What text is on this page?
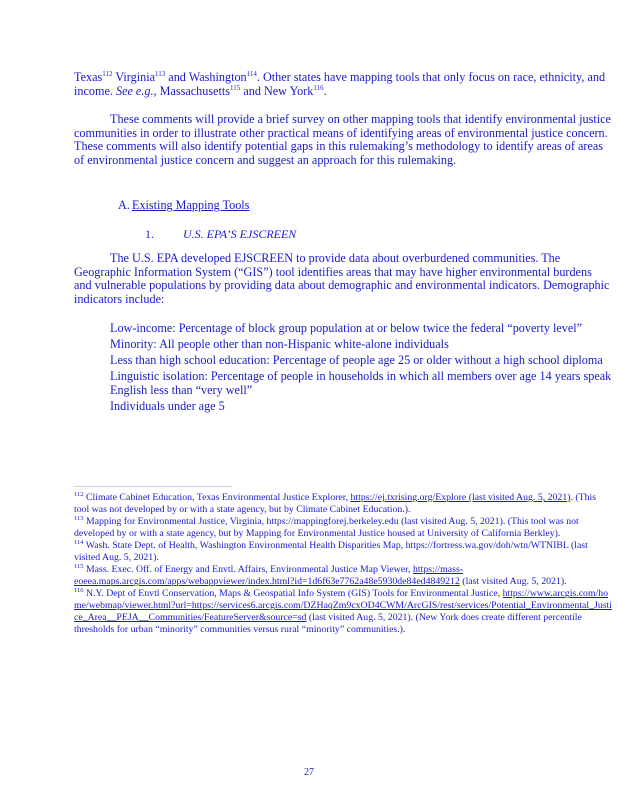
Texas$^{112}$ Virginia$^{113}$ and Washington$^{114}$. Other states have mapping tools that only focus on race, ethnicity, and income. See e.g., Massachusetts$^{115}$ and New York$^{116}$.

These comments will provide a brief survey on other mapping tools that identify environmental justice communities in order to illustrate other practical means of identifying areas of environmental justice concern. These comments will also identify potential gaps in this rulemaking’s methodology to identify areas of areas of environmental justice concern and suggest an approach for this rulemaking.

A. Existing Mapping Tools

1. U.S. EPA’S EJSCREEN

The U.S. EPA developed EJSCREEN to provide data about overburdened communities. The Geographic Information System (“GIS”) tool identifies areas that may have higher environmental burdens and vulnerable populations by providing data about demographic and environmental indicators. Demographic indicators include:

Low-income: Percentage of block group population at or below twice the federal “poverty level”
Minority: All people other than non-Hispanic white-alone individuals
Less than high school education: Percentage of people age 25 or older without a high school diploma
Linguistic isolation: Percentage of people in households in which all members over age 14 years speak English less than “very well”
Individuals under age 5

$^{112}$ Climate Cabinet Education, Texas Environmental Justice Explorer, https://ej.txrising.org/Explore (last visited Aug. 5, 2021). (This tool was not developed by or with a state agency, but by Climate Cabinet Education.).

$^{113}$ Mapping for Environmental Justice, Virginia, https://mappingforej.berkeley.edu (last visited Aug. 5, 2021). (This tool was not developed by or with a state agency, but by Mapping for Environmental Justice housed at University of California Berkley).

$^{114}$ Wash. State Dept. of Health, Washington Environmental Health Disparities Map, https://fortress.wa.gov/doh/wtn/WTNIBL (last visited Aug. 5, 2021).

$^{115}$ Mass. Exec. Off. of Energy and Envtl. Affairs, Environmental Justice Map Viewer, https://mass-eoeea.maps.arcgis.com/apps/webappviewer/index.html?id=1d6f63e7762a48e5930de84ed4849212 (last visited Aug. 5, 2021).

$^{116}$ N.Y. Dept of Envtl Conservation, Maps & Geospatial Info System (GIS) Tools for Environmental Justice, https://www.arcgis.com/home/webmap/viewer.html?url=https://services6.arcgis.com/DZHaqZm9cxOD4CWM/ArcGIS/rest/services/Potential_Environmental_Justice_Area__PEJA__Communities/FeatureServer&source=sd (last visited Aug. 5, 2021). (New York does create different percentile thresholds for urban “minority” communities versus rural “minority” communities.).

27
